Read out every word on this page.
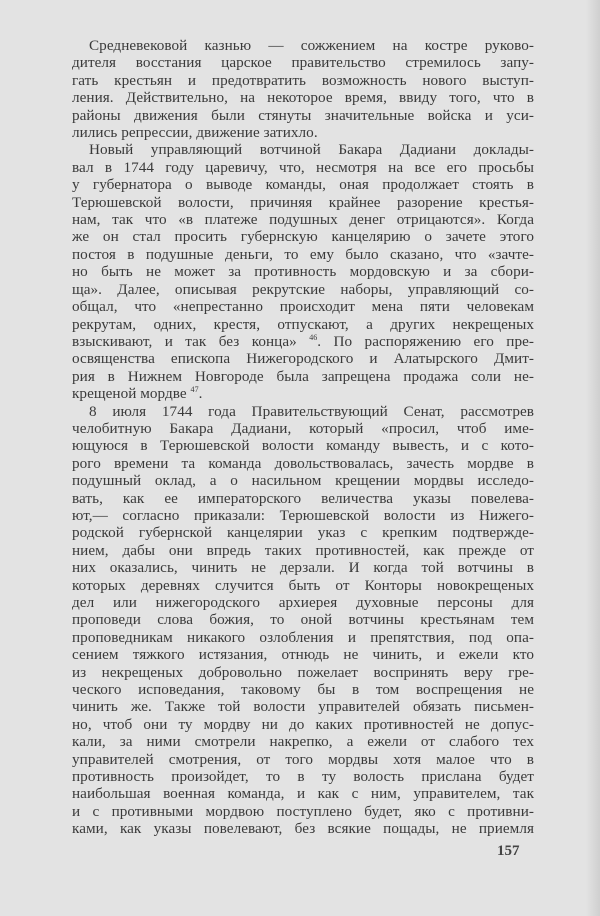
Средневековой казнью — сожжением на костре руково-
дителя восстания царское правительство стремилось запу-
гать крестьян и предотвратить возможность нового выступ-
ления. Действительно, на некоторое время, ввиду того, что в
районы движения были стянуты значительные войска и уси-
лились репрессии, движение затихло.
Новый управляющий вотчиной Бакара Дадиани доклады-
вал в 1744 году царевичу, что, несмотря на все его просьбы
у губернатора о выводе команды, оная продолжает стоять в
Терюшевской волости, причиняя крайнее разорение крестья-
нам, так что «в платеже подушных денег отрицаются». Когда
же он стал просить губернскую канцелярию о зачете этого
постоя в подушные деньги, то ему было сказано, что «зачте-
но быть не может за противность мордовскую и за сбори-
ща». Далее, описывая рекрутские наборы, управляющий со-
общал, что «непрестанно происходит мена пяти человекам
рекрутам, одних, крестя, отпускают, а других некрещеных
взыскивают, и так без конца» $^{46}$. По распоряжению его пре-
освященства епископа Нижегородского и Алатырского Дмит-
рия в Нижнем Новгороде была запрещена продажа соли не-
крещеной мордве $^{47}$.
8 июля 1744 года Правительствующий Сенат, рассмотрев
челобитную Бакара Дадиани, который «просил, чтоб име-
ющуюся в Терюшевской волости команду вывесть, и с кото-
рого времени та команда довольствовалась, зачесть мордве в
подушный оклад, а о насильном крещении мордвы исследо-
вать, как ее императорского величества указы повелева-
ют,— согласно приказали: Терюшевской волости из Нижего-
родской губернской канцелярии указ с крепким подтвержде-
нием, дабы они впредь таких противностей, как прежде от
них оказались, чинить не дерзали. И когда той вотчины в
которых деревнях случится быть от Конторы новокрещеных
дел или нижегородского архиерея духовные персоны для
проповеди слова божия, то оной вотчины крестьянам тем
проповедникам никакого озлобления и препятствия, под опа-
сением тяжкого истязания, отнюдь не чинить, и ежели кто
из некрещеных добровольно пожелает воспринять веру гре-
ческого исповедания, таковому бы в том воспрещения не
чинить же. Также той волости управителей обязать письмен-
но, чтоб они ту мордву ни до каких противностей не допус-
кали, за ними смотрели накрепко, а ежели от слабого тех
управителей смотрения, от того мордвы хотя малое что в
противность произойдет, то в ту волость прислана будет
наибольшая военная команда, и как с ним, управителем, так
и с противными мордвою поступлено будет, яко с противни-
ками, как указы повелевают, без всякие пощады, не приемля
157
